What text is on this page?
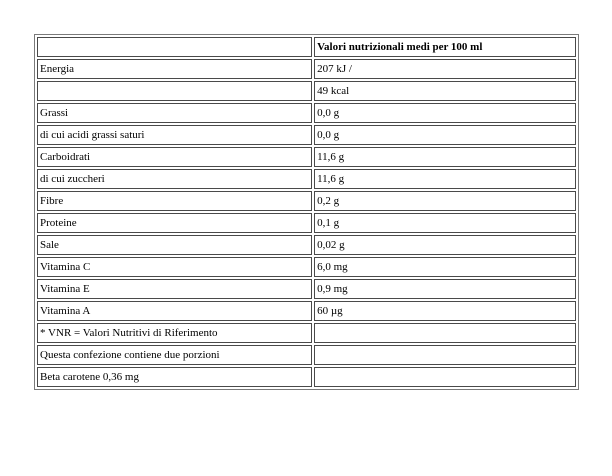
	Valori nutrizionali medi per 100 ml
Energia	207 kJ /
	49 kcal
Grassi	0,0 g
di cui acidi grassi saturi	0,0 g
Carboidrati	11,6 g
di cui zuccheri	11,6 g
Fibre	0,2 g
Proteine	0,1 g
Sale	0,02 g
Vitamina C	6,0 mg
Vitamina E	0,9 mg
Vitamina A	60 µg
* VNR = Valori Nutritivi di Riferimento	
Questa confezione contiene due porzioni	
Beta carotene 0,36 mg	
